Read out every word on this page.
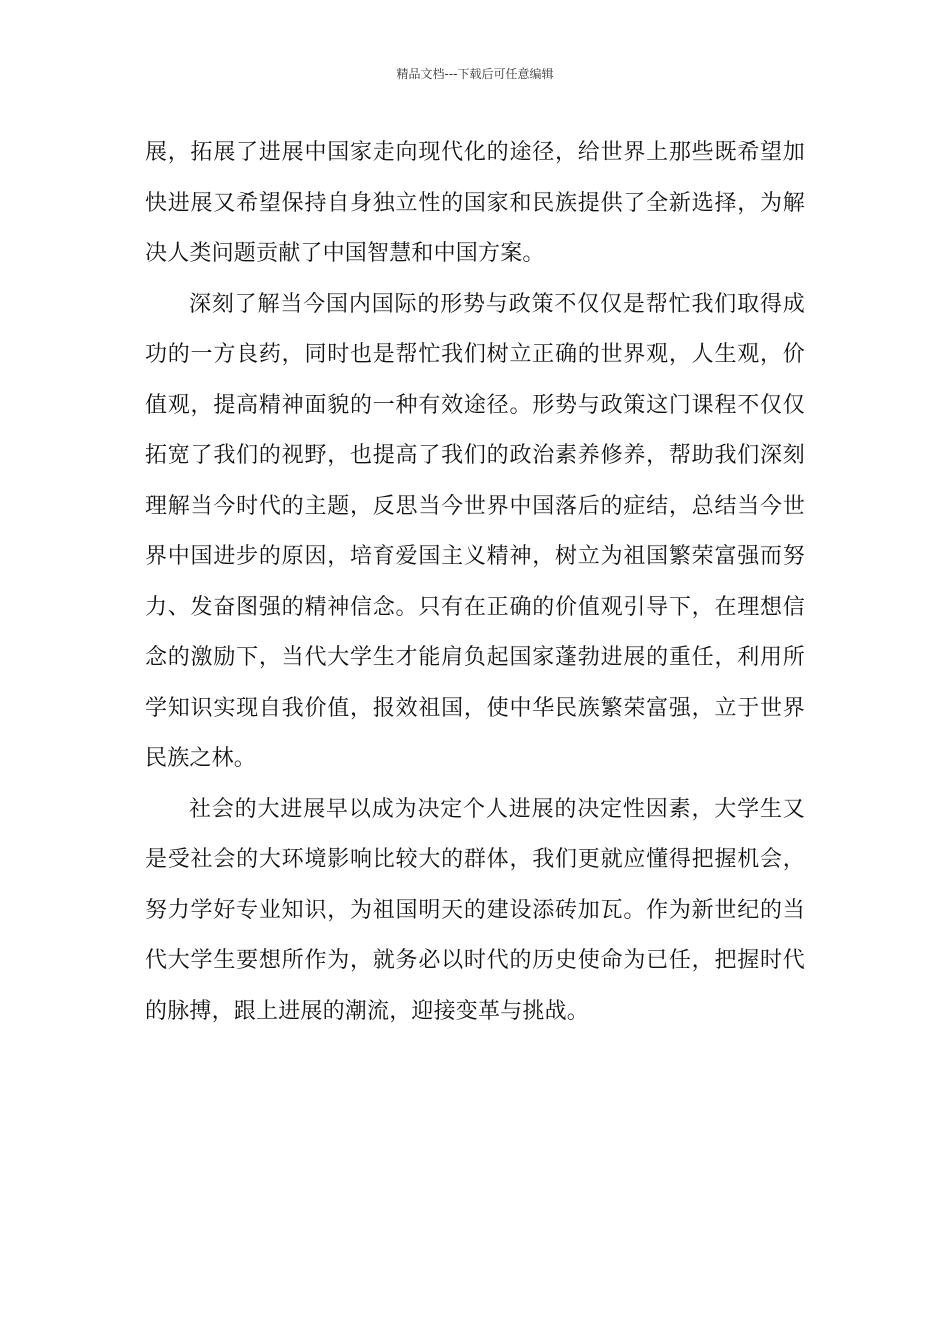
精品文档---下载后可任意编辑

展，拓展了进展中国家走向现代化的途径，给世界上那些既希望加快进展又希望保持自身独立性的国家和民族提供了全新选择，为解决人类问题贡献了中国智慧和中国方案。

深刻了解当今国内国际的形势与政策不仅仅是帮忙我们取得成功的一方良药，同时也是帮忙我们树立正确的世界观，人生观，价值观，提高精神面貌的一种有效途径。形势与政策这门课程不仅仅拓宽了我们的视野，也提高了我们的政治素养修养，帮助我们深刻理解当今时代的主题，反思当今世界中国落后的症结，总结当今世界中国进步的原因，培育爱国主义精神，树立为祖国繁荣富强而努力、发奋图强的精神信念。只有在正确的价值观引导下，在理想信念的激励下，当代大学生才能肩负起国家蓬勃进展的重任，利用所学知识实现自我价值，报效祖国，使中华民族繁荣富强，立于世界民族之林。

社会的大进展早以成为决定个人进展的决定性因素，大学生又是受社会的大环境影响比较大的群体，我们更就应懂得把握机会，努力学好专业知识，为祖国明天的建设添砖加瓦。作为新世纪的当代大学生要想所作为，就务必以时代的历史使命为已任，把握时代的脉搏，跟上进展的潮流，迎接变革与挑战。
